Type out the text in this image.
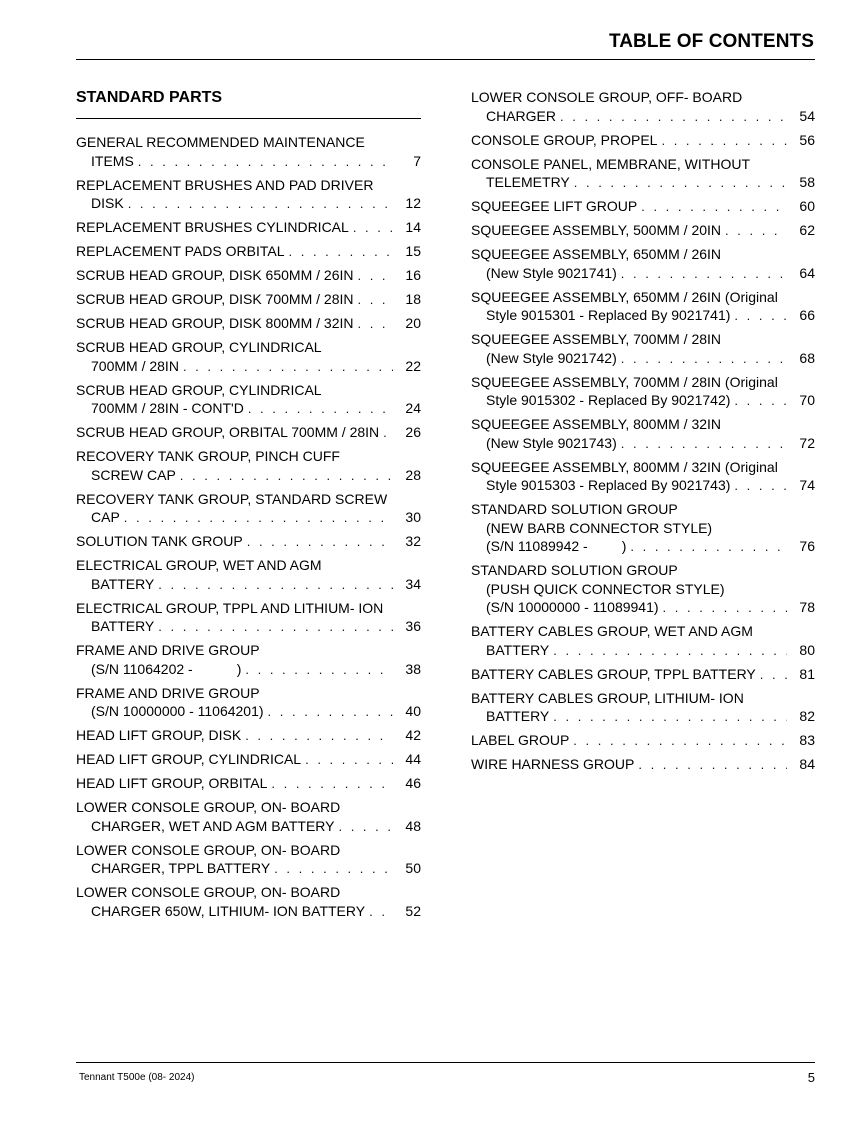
TABLE OF CONTENTS
STANDARD PARTS
GENERAL RECOMMENDED MAINTENANCE
ITEMS . . .	7
REPLACEMENT BRUSHES AND PAD DRIVER
DISK . . .	12
REPLACEMENT BRUSHES CYLINDRICAL . . .	14
REPLACEMENT PADS ORBITAL . . .	15
SCRUB HEAD GROUP, DISK 650MM / 26IN . . .	16
SCRUB HEAD GROUP, DISK 700MM / 28IN . . .	18
SCRUB HEAD GROUP, DISK 800MM / 32IN . . .	20
SCRUB HEAD GROUP, CYLINDRICAL
700MM / 28IN . . .	22
SCRUB HEAD GROUP, CYLINDRICAL
700MM / 28IN - CONT'D . . .	24
SCRUB HEAD GROUP, ORBITAL 700MM / 28IN . . .	26
RECOVERY TANK GROUP, PINCH CUFF
SCREW CAP . . .	28
RECOVERY TANK GROUP, STANDARD SCREW
CAP . . .	30
SOLUTION TANK GROUP . . .	32
ELECTRICAL GROUP, WET AND AGM
BATTERY . . .	34
ELECTRICAL GROUP, TPPL AND LITHIUM- ION
BATTERY . . .	36
FRAME AND DRIVE GROUP
(S/N 11064202 -	) . . .	38
FRAME AND DRIVE GROUP
(S/N 10000000 - 11064201) . . .	40
HEAD LIFT GROUP, DISK . . .	42
HEAD LIFT GROUP, CYLINDRICAL . . .	44
HEAD LIFT GROUP, ORBITAL . . .	46
LOWER CONSOLE GROUP, ON- BOARD
CHARGER, WET AND AGM BATTERY . . .	48
LOWER CONSOLE GROUP, ON- BOARD
CHARGER, TPPL BATTERY . . .	50
LOWER CONSOLE GROUP, ON- BOARD
CHARGER 650W, LITHIUM- ION BATTERY . . .	52
LOWER CONSOLE GROUP, OFF- BOARD
CHARGER . . .	54
CONSOLE GROUP, PROPEL . . .	56
CONSOLE PANEL, MEMBRANE, WITHOUT
TELEMETRY . . .	58
SQUEEGEE LIFT GROUP . . .	60
SQUEEGEE ASSEMBLY, 500MM / 20IN . . .	62
SQUEEGEE ASSEMBLY, 650MM / 26IN
(New Style 9021741) . . .	64
SQUEEGEE ASSEMBLY, 650MM / 26IN (Original
Style 9015301 - Replaced By 9021741) . . .	66
SQUEEGEE ASSEMBLY, 700MM / 28IN
(New Style 9021742) . . .	68
SQUEEGEE ASSEMBLY, 700MM / 28IN (Original
Style 9015302 - Replaced By 9021742) . . .	70
SQUEEGEE ASSEMBLY, 800MM / 32IN
(New Style 9021743) . . .	72
SQUEEGEE ASSEMBLY, 800MM / 32IN (Original
Style 9015303 - Replaced By 9021743) . . .	74
STANDARD SOLUTION GROUP
(NEW BARB CONNECTOR STYLE)
(S/N 11089942 - ) . . .	76
STANDARD SOLUTION GROUP
(PUSH QUICK CONNECTOR STYLE)
(S/N 10000000 - 11089941) . . .	78
BATTERY CABLES GROUP, WET AND AGM
BATTERY . . .	80
BATTERY CABLES GROUP, TPPL BATTERY . . .	81
BATTERY CABLES GROUP, LITHIUM- ION
BATTERY . . .	82
LABEL GROUP . . .	83
WIRE HARNESS GROUP . . .	84
Tennant T500e (08- 2024)	5
